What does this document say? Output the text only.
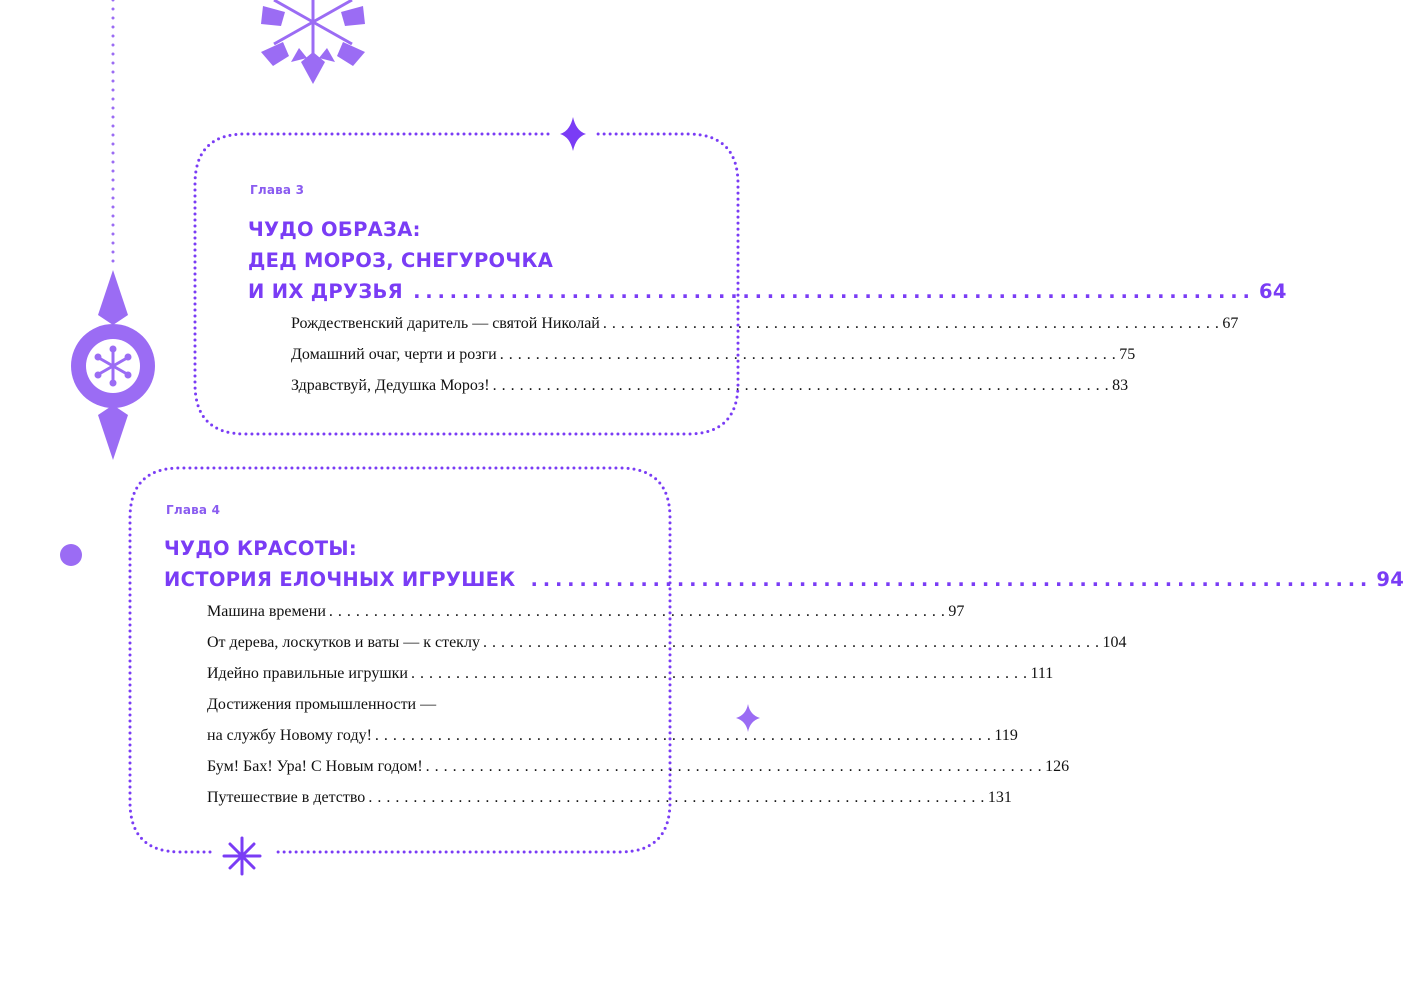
Глава 3
ЧУДО ОБРАЗА:
ДЕД МОРОЗ, СНЕГУРОЧКА
И ИХ ДРУЗЬЯ . . .	64
Рождественский даритель — святой Николай . . .	67
Домашний очаг, черти и розги . . .	75
Здравствуй, Дедушка Мороз! . . .	83
Глава 4
ЧУДО КРАСОТЫ:
ИСТОРИЯ ЕЛОЧНЫХ ИГРУШЕК . . .	94
Машина времени . . .	97
От дерева, лоскутков и ваты — к стеклу . . .	104
Идейно правильные игрушки . . .	111
Достижения промышленности —
на службу Новому году! . . .	119
Бум! Бах! Ура! С Новым годом! . . .	126
Путешествие в детство . . .	131
